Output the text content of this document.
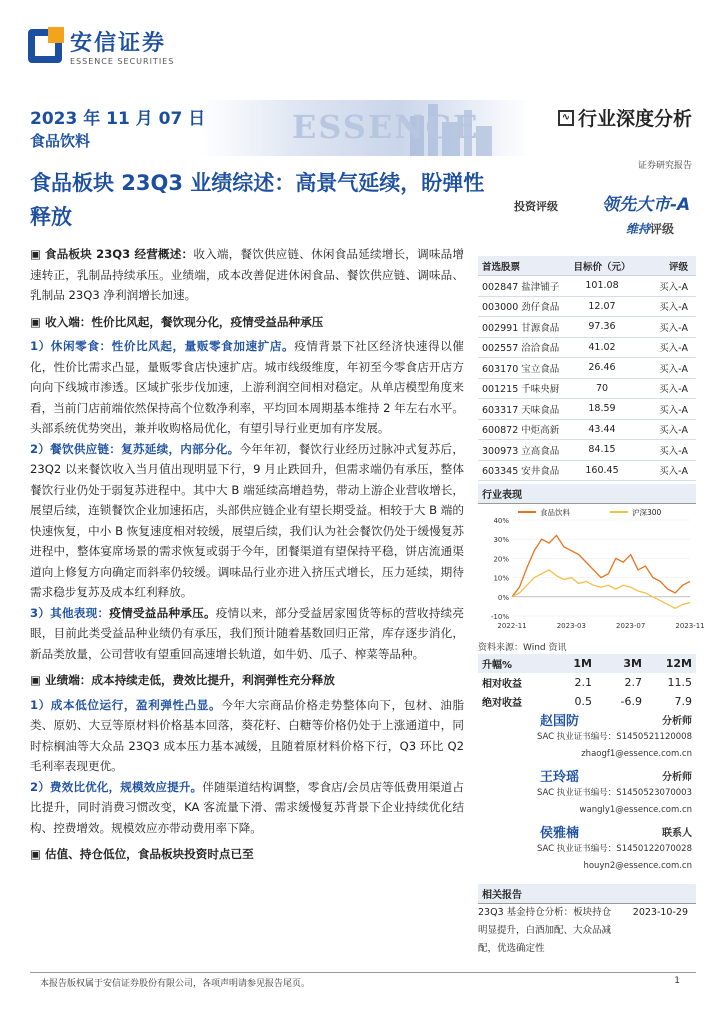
安信证券
ESSENCE SECURITIES
ESSENCE
2023 年 11 月 07 日
食品饮料
∿ 行业深度分析
证券研究报告
食品板块 23Q3 业绩综述：高景气延续，盼弹性释放	投资评级	领先大市-A
维持评级

▣ 食品板块 23Q3 经营概述：收入端，餐饮供应链、休闲食品延续增长，调味品增速转正，乳制品持续承压。业绩端，成本改善促进休闲食品、餐饮供应链、调味品、乳制品 23Q3 净利润增长加速。

▣ 收入端：性价比风起，餐饮现分化，疫情受益品种承压

1）休闲零食：性价比风起，量贩零食加速扩店。疫情背景下社区经济快速得以催化，性价比需求凸显，量贩零食店快速扩店。城市线级维度，年初至今零食店开店方向向下线城市渗透。区域扩张步伐加速，上游利润空间相对稳定。从单店模型角度来看，当前门店前端依然保持高个位数净利率，平均回本周期基本维持 2 年左右水平。头部系统优势突出，兼并收购格局优化，有望引导行业更加有序发展。

2）餐饮供应链：复苏延续，内部分化。今年年初，餐饮行业经历过脉冲式复苏后，23Q2 以来餐饮收入当月值出现明显下行，9 月止跌回升，但需求端仍有承压，整体餐饮行业仍处于弱复苏进程中。其中大 B 端延续高增趋势，带动上游企业营收增长，展望后续，连锁餐饮企业加速拓店，头部供应链企业有望长期受益。相较于大 B 端的快速恢复，中小 B 恢复速度相对较缓，展望后续，我们认为社会餐饮仍处于缓慢复苏进程中，整体宴席场景的需求恢复或弱于今年，团餐渠道有望保持平稳，饼店流通渠道向上修复方向确定而斜率仍较缓。调味品行业亦进入挤压式增长，压力延续，期待需求稳步复苏及成本红利释放。

3）其他表现：疫情受益品种承压。疫情以来，部分受益居家囤货等标的营收持续亮眼，目前此类受益品种业绩仍有承压，我们预计随着基数回归正常，库存逐步消化，新品类放量，公司营收有望重回高速增长轨道，如牛奶、瓜子、榨菜等品种。

▣ 业绩端：成本持续走低，费效比提升，利润弹性充分释放

1）成本低位运行，盈利弹性凸显。今年大宗商品价格走势整体向下，包材、油脂类、原奶、大豆等原材料价格基本回落，葵花籽、白糖等价格仍处于上涨通道中，同时棕榈油等大众品 23Q3 成本压力基本减缓，且随着原材料价格下行，Q3 环比 Q2 毛利率表现更优。

2）费效比优化，规模效应提升。伴随渠道结构调整，零食店/会员店等低费用渠道占比提升，同时消费习惯改变，KA 客流量下滑、需求缓慢复苏背景下企业持续优化结构、控费增效。规模效应亦带动费用率下降。

▣ 估值、持仓低位，食品板块投资时点已至

首选股票	目标价（元）	评级
002847 盐津铺子	101.08	买入-A
003000 劲仔食品	12.07	买入-A
002991 甘源食品	97.36	买入-A
002557 洽洽食品	41.02	买入-A
603170 宝立食品	26.46	买入-A
001215 千味央厨	70	买入-A
603317 天味食品	18.59	买入-A
600872 中炬高新	43.44	买入-A
300973 立高食品	84.15	买入-A
603345 安井食品	160.45	买入-A
行业表现
40%
30%
20%
10%
0%
-10%
2022-11	2023-03	2023-07	2023-11
食品饮料	沪深300
资料来源：Wind 资讯
升幅%	1M	3M	12M
相对收益	2.1	2.7	11.5
绝对收益	0.5	-6.9	7.9
赵国防	分析师
SAC 执业证书编号：S1450521120008
zhaogf1@essence.com.cn
王玲瑶	分析师
SAC 执业证书编号：S1450523070003
wangly1@essence.com.cn
侯雅楠	联系人
SAC 执业证书编号：S1450122070028
houyn2@essence.com.cn
相关报告
23Q3 基金持仓分析：板块持仓明显提升，白酒加配、大众品减配，优选确定性
2023-10-29
本报告版权属于安信证券股份有限公司，各项声明请参见报告尾页。	1
